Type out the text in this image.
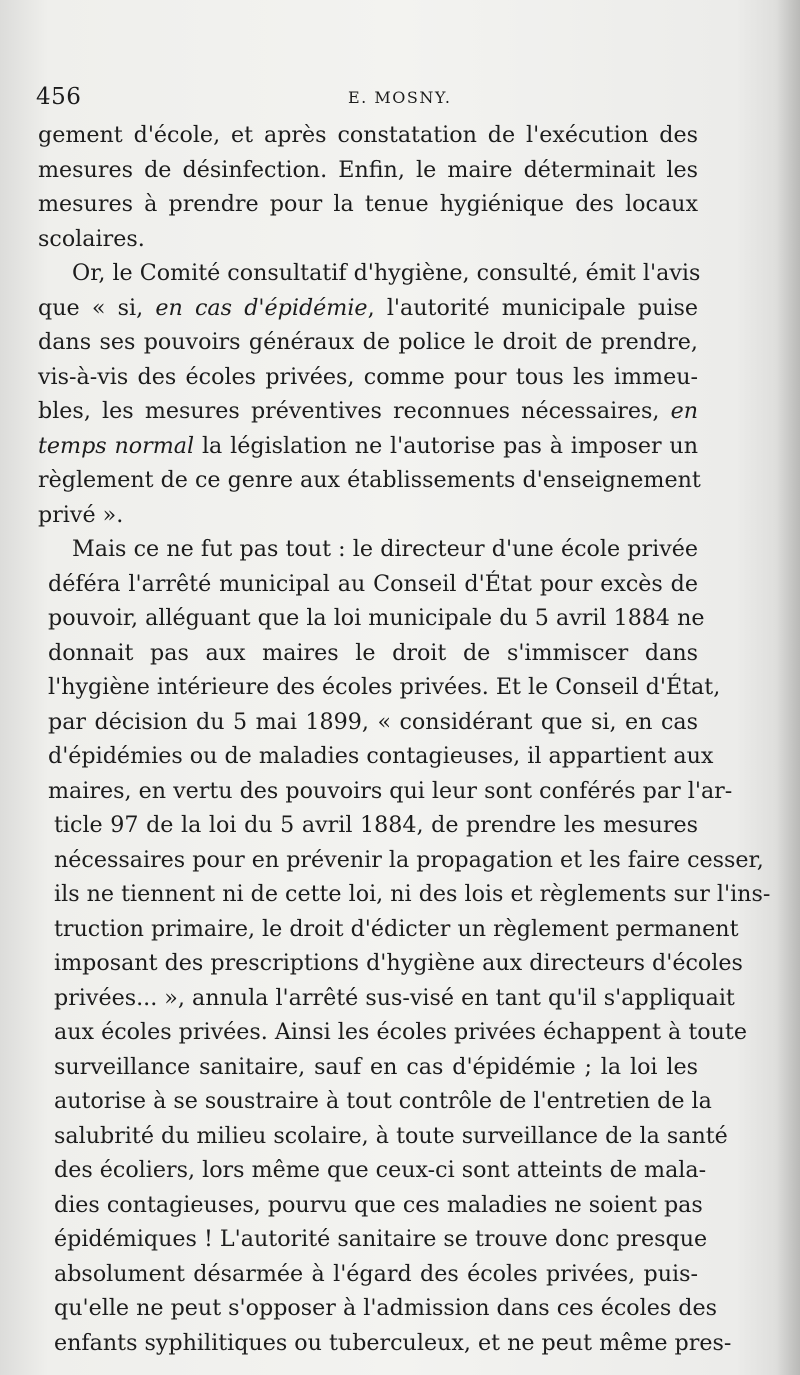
456	E. MOSNY.
gement d'école, et après constatation de l'exécution des
mesures de désinfection. Enfin, le maire déterminait les
mesures à prendre pour la tenue hygiénique des locaux
scolaires.
Or, le Comité consultatif d'hygiène, consulté, émit l'avis
que « si, en cas d'épidémie, l'autorité municipale puise
dans ses pouvoirs généraux de police le droit de prendre,
vis-à-vis des écoles privées, comme pour tous les immeu-
bles, les mesures préventives reconnues nécessaires, en
temps normal la législation ne l'autorise pas à imposer un
règlement de ce genre aux établissements d'enseignement
privé ».
Mais ce ne fut pas tout : le directeur d'une école privée
déféra l'arrêté municipal au Conseil d'État pour excès de
pouvoir, alléguant que la loi municipale du 5 avril 1884 ne
donnait pas aux maires le droit de s'immiscer dans
l'hygiène intérieure des écoles privées. Et le Conseil d'État,
par décision du 5 mai 1899, « considérant que si, en cas
d'épidémies ou de maladies contagieuses, il appartient aux
maires, en vertu des pouvoirs qui leur sont conférés par l'ar-
ticle 97 de la loi du 5 avril 1884, de prendre les mesures
nécessaires pour en prévenir la propagation et les faire cesser,
ils ne tiennent ni de cette loi, ni des lois et règlements sur l'ins-
truction primaire, le droit d'édicter un règlement permanent
imposant des prescriptions d'hygiène aux directeurs d'écoles
privées... », annula l'arrêté sus-visé en tant qu'il s'appliquait
aux écoles privées. Ainsi les écoles privées échappent à toute
surveillance sanitaire, sauf en cas d'épidémie ; la loi les
autorise à se soustraire à tout contrôle de l'entretien de la
salubrité du milieu scolaire, à toute surveillance de la santé
des écoliers, lors même que ceux-ci sont atteints de mala-
dies contagieuses, pourvu que ces maladies ne soient pas
épidémiques ! L'autorité sanitaire se trouve donc presque
absolument désarmée à l'égard des écoles privées, puis-
qu'elle ne peut s'opposer à l'admission dans ces écoles des
enfants syphilitiques ou tuberculeux, et ne peut même pres-
